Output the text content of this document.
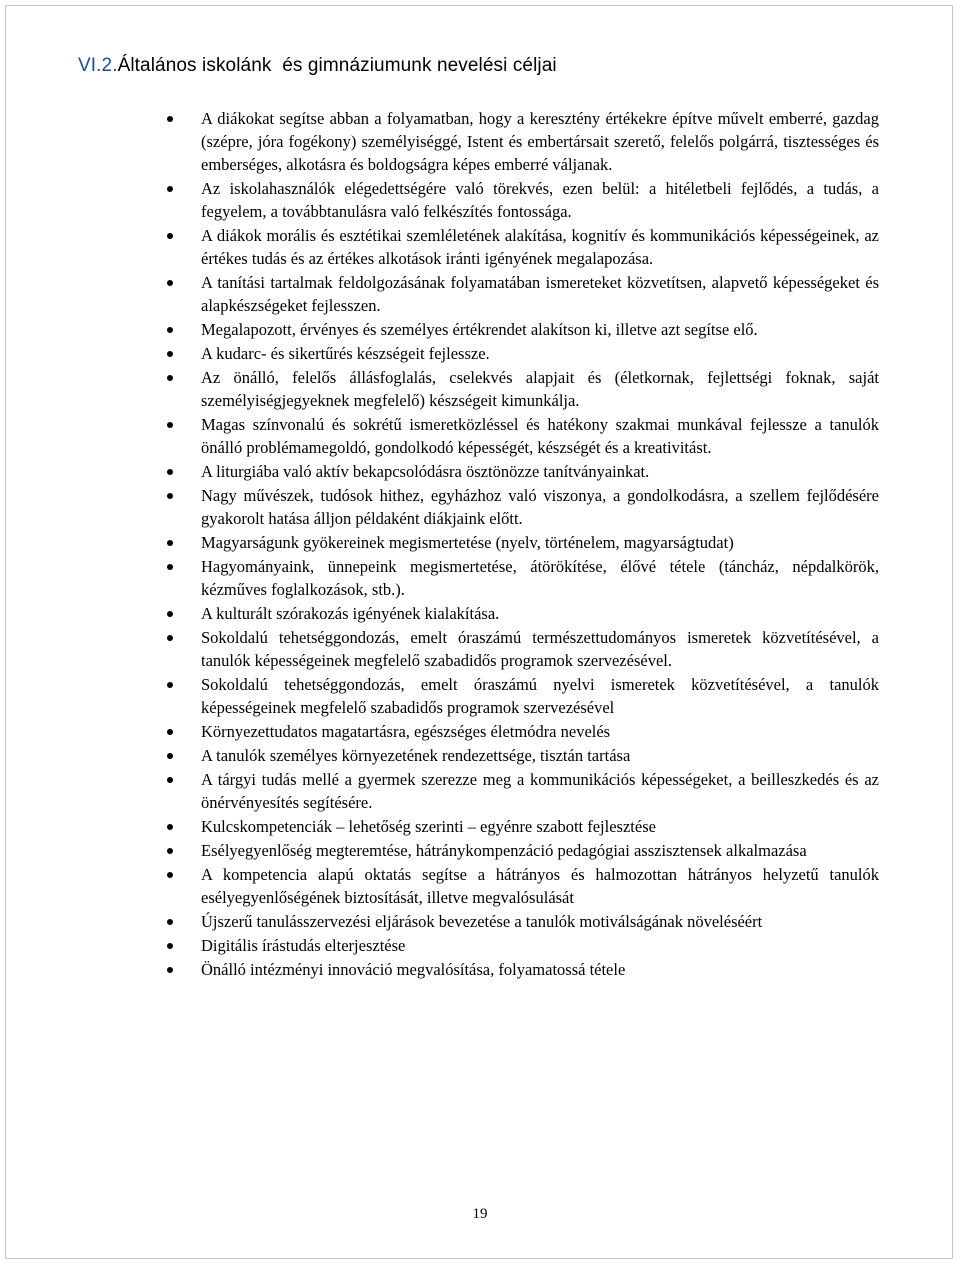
VI.2.Általános iskolánk  és gimnáziumunk nevelési céljai
A diákokat segítse abban a folyamatban, hogy a keresztény értékekre építve művelt emberré, gazdag (szépre, jóra fogékony) személyiséggé, Istent és embertársait szerető, felelős polgárrá, tisztességes és emberséges, alkotásra és boldogságra képes emberré váljanak.
Az iskolahasználók elégedettségére való törekvés, ezen belül: a hitéletbeli fejlődés, a tudás, a fegyelem, a továbbtanulásra való felkészítés fontossága.
A diákok morális és esztétikai szemléletének alakítása, kognitív és kommunikációs képességeinek, az értékes tudás és az értékes alkotások iránti igényének megalapozása.
A tanítási tartalmak feldolgozásának folyamatában ismereteket közvetítsen, alapvető képességeket és alapkészségeket fejlesszen.
Megalapozott, érvényes és személyes értékrendet alakítson ki, illetve azt segítse elő.
A kudarc- és sikertűrés készségeit fejlessze.
Az önálló, felelős állásfoglalás, cselekvés alapjait és (életkornak, fejlettségi foknak, saját személyiségjegyeknek megfelelő) készségeit kimunkálja.
Magas színvonalú és sokrétű ismeretközléssel és hatékony szakmai munkával fejlessze a tanulók önálló problémamegoldó, gondolkodó képességét, készségét és a kreativitást.
A liturgiába való aktív bekapcsolódásra ösztönözze tanítványainkat.
Nagy művészek, tudósok hithez, egyházhoz való viszonya, a gondolkodásra, a szellem fejlődésére gyakorolt hatása álljon példaként diákjaink előtt.
Magyarságunk gyökereinek megismertetése (nyelv, történelem, magyarságtudat)
Hagyományaink, ünnepeink megismertetése, átörökítése, élővé tétele (táncház, népdalkörök, kézműves foglalkozások, stb.).
A kulturált szórakozás igényének kialakítása.
Sokoldalú tehetséggondozás, emelt óraszámú természettudományos ismeretek közvetítésével, a tanulók képességeinek megfelelő szabadidős programok szervezésével.
Sokoldalú tehetséggondozás, emelt óraszámú nyelvi ismeretek közvetítésével, a tanulók képességeinek megfelelő szabadidős programok szervezésével
Környezettudatos magatartásra, egészséges életmódra nevelés
A tanulók személyes környezetének rendezettsége, tisztán tartása
A tárgyi tudás mellé a gyermek szerezze meg a kommunikációs képességeket, a beilleszkedés és az önérvényesítés segítésére.
Kulcskompetenciák – lehetőség szerinti – egyénre szabott fejlesztése
Esélyegyenlőség megteremtése, hátránykompenzáció pedagógiai asszisztensek alkalmazása
A kompetencia alapú oktatás segítse a hátrányos és halmozottan hátrányos helyzetű tanulók esélyegyenlőségének biztosítását, illetve megvalósulását
Újszerű tanulásszervezési eljárások bevezetése a tanulók motiválságának növeléséért
Digitális írástudás elterjesztése
Önálló intézményi innováció megvalósítása, folyamatossá tétele
19
